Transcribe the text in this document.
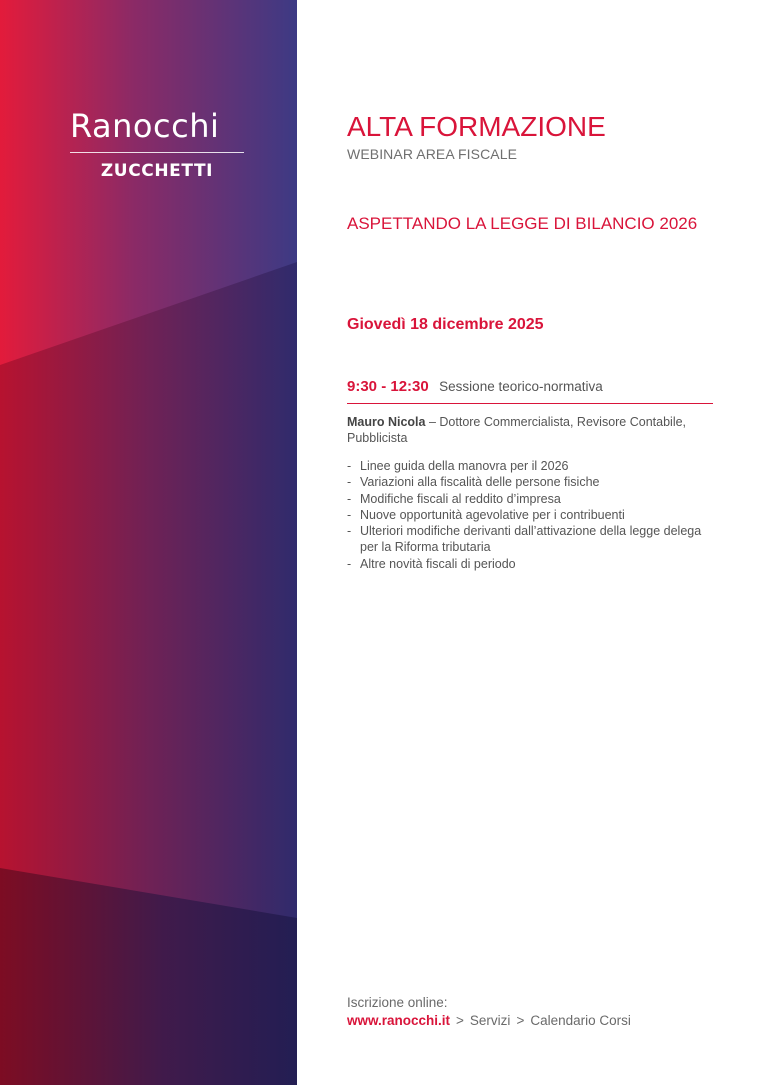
Ranocchi
ZUCCHETTI
ALTA FORMAZIONE
WEBINAR AREA FISCALE
ASPETTANDO LA LEGGE DI BILANCIO 2026
Giovedì 18 dicembre 2025
9:30 - 12:30 Sessione teorico-normativa
Mauro Nicola – Dottore Commercialista, Revisore Contabile, Pubblicista
- Linee guida della manovra per il 2026
- Variazioni alla fiscalità delle persone fisiche
- Modifiche fiscali al reddito d’impresa
- Nuove opportunità agevolative per i contribuenti
- Ulteriori modifiche derivanti dall’attivazione della legge delega per la Riforma tributaria
- Altre novità fiscali di periodo
Iscrizione online:
www.ranocchi.it > Servizi > Calendario Corsi
